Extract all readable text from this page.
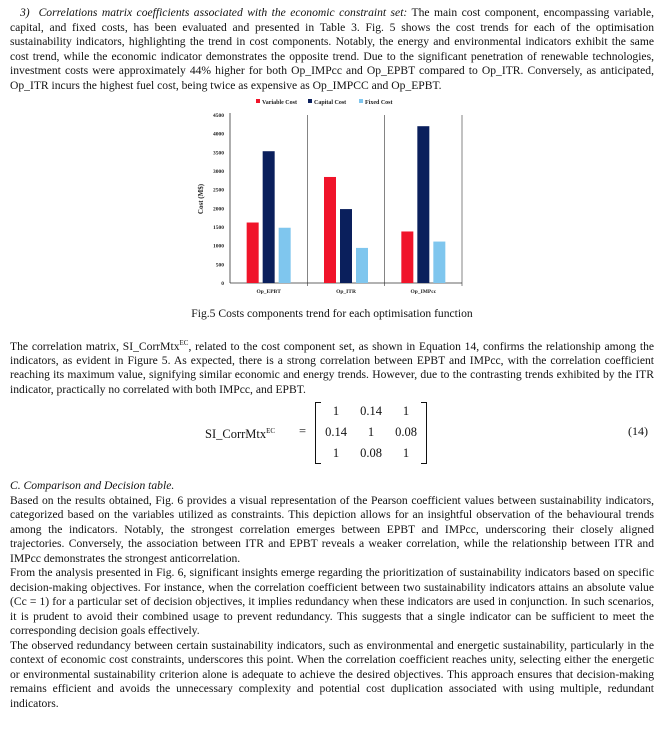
3) Correlations matrix coefficients associated with the economic constraint set: The main cost component, encompassing variable, capital, and fixed costs, has been evaluated and presented in Table 3. Fig. 5 shows the cost trends for each of the optimisation sustainability indicators, highlighting the trend in cost components. Notably, the energy and environmental indicators exhibit the same cost trend, while the economic indicator demonstrates the opposite trend. Due to the significant penetration of renewable technologies, investment costs were approximately 44% higher for both Op_IMPcc and Op_EPBT compared to Op_ITR. Conversely, as anticipated, Op_ITR incurs the highest fuel cost, being twice as expensive as Op_IMPCC and Op_EPBT.

Variable Cost	Capital Cost	Fixed Cost
0
500
1000
1500
2000
2500
3000
3500
4000
4500
Cost (M$)
Op_EPBT	Op_ITR	Op_IMPcc

Fig.5 Costs components trend for each optimisation function

The correlation matrix, SI_CorrMtx$^{EC}$, related to the cost component set, as shown in Equation 14, confirms the relationship among the indicators, as evident in Figure 5. As expected, there is a strong correlation between EPBT and IMPcc, with the correlation coefficient reaching its maximum value, signifying similar economic and energy trends. However, due to the contrasting trends exhibited by the ITR indicator, practically no correlated with both IMPcc, and EPBT.

SI_CorrMtx$^{EC}$ =
1	0.14	1
0.14	1	0.08
1	0.08	1
(14)

C. Comparison and Decision table.

Based on the results obtained, Fig. 6 provides a visual representation of the Pearson coefficient values between sustainability indicators, categorized based on the variables utilized as constraints. This depiction allows for an insightful observation of the behavioural trends among the indicators. Notably, the strongest correlation emerges between EPBT and IMPcc, underscoring their closely aligned trajectories. Conversely, the association between ITR and EPBT reveals a weaker correlation, while the relationship between ITR and IMPcc demonstrates the strongest anticorrelation.

From the analysis presented in Fig. 6, significant insights emerge regarding the prioritization of sustainability indicators based on specific decision-making objectives. For instance, when the correlation coefficient between two sustainability indicators attains an absolute value (Cc = 1) for a particular set of decision objectives, it implies redundancy when these indicators are used in conjunction. In such scenarios, it is prudent to avoid their combined usage to prevent redundancy. This suggests that a single indicator can be sufficient to meet the corresponding decision goals effectively.

The observed redundancy between certain sustainability indicators, such as environmental and energetic sustainability, particularly in the context of economic cost constraints, underscores this point. When the correlation coefficient reaches unity, selecting either the energetic or environmental sustainability criterion alone is adequate to achieve the desired objectives. This approach ensures that decision-making remains efficient and avoids the unnecessary complexity and potential cost duplication associated with using multiple, redundant indicators.
